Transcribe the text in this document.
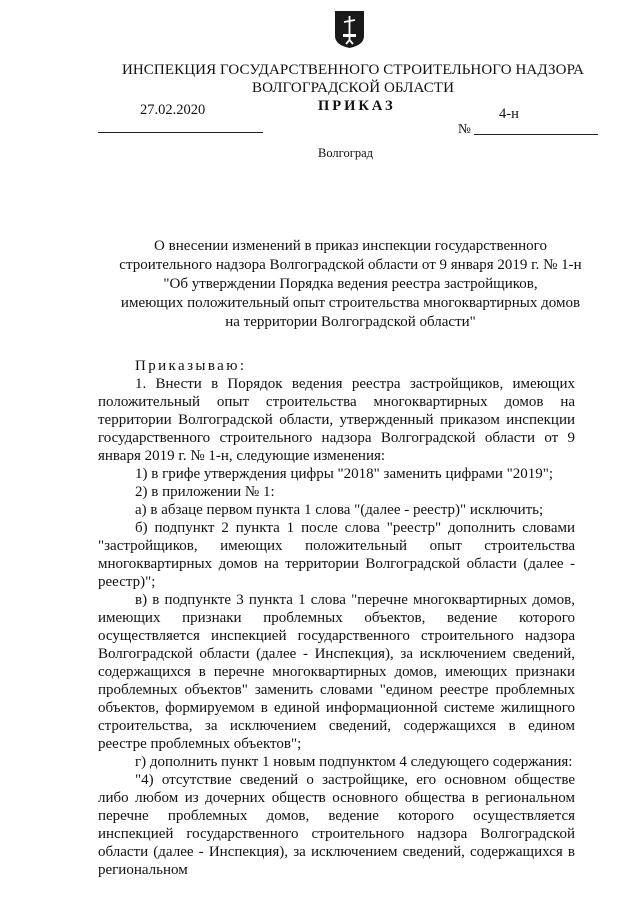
ИНСПЕКЦИЯ ГОСУДАРСТВЕННОГО СТРОИТЕЛЬНОГО НАДЗОРА
ВОЛГОГРАДСКОЙ ОБЛАСТИ
27.02.2020	ПРИКАЗ	4-н
№
Волгоград
О внесении изменений в приказ инспекции государственного
строительного надзора Волгоградской области от 9 января 2019 г. № 1-н
"Об утверждении Порядка ведения реестра застройщиков,
имеющих положительный опыт строительства многоквартирных домов
на территории Волгоградской области"

Приказываю:

1. Внести в Порядок ведения реестра застройщиков, имеющих положительный опыт строительства многоквартирных домов на территории Волгоградской области, утвержденный приказом инспекции государственного строительного надзора Волгоградской области от 9 января 2019 г. № 1-н, следующие изменения:

1) в грифе утверждения цифры "2018" заменить цифрами "2019";

2) в приложении № 1:

а) в абзаце первом пункта 1 слова "(далее - реестр)" исключить;

б) подпункт 2 пункта 1 после слова "реестр" дополнить словами "застройщиков, имеющих положительный опыт строительства многоквартирных домов на территории Волгоградской области (далее - реестр)";

в) в подпункте 3 пункта 1 слова "перечне многоквартирных домов, имеющих признаки проблемных объектов, ведение которого осуществляется инспекцией государственного строительного надзора Волгоградской области (далее - Инспекция), за исключением сведений, содержащихся в перечне многоквартирных домов, имеющих признаки проблемных объектов" заменить словами "едином реестре проблемных объектов, формируемом в единой информационной системе жилищного строительства, за исключением сведений, содержащихся в едином реестре проблемных объектов";

г) дополнить пункт 1 новым подпунктом 4 следующего содержания:

"4) отсутствие сведений о застройщике, его основном обществе либо любом из дочерних обществ основного общества в региональном перечне проблемных домов, ведение которого осуществляется инспекцией государственного строительного надзора Волгоградской области (далее - Инспекция), за исключением сведений, содержащихся в региональном
